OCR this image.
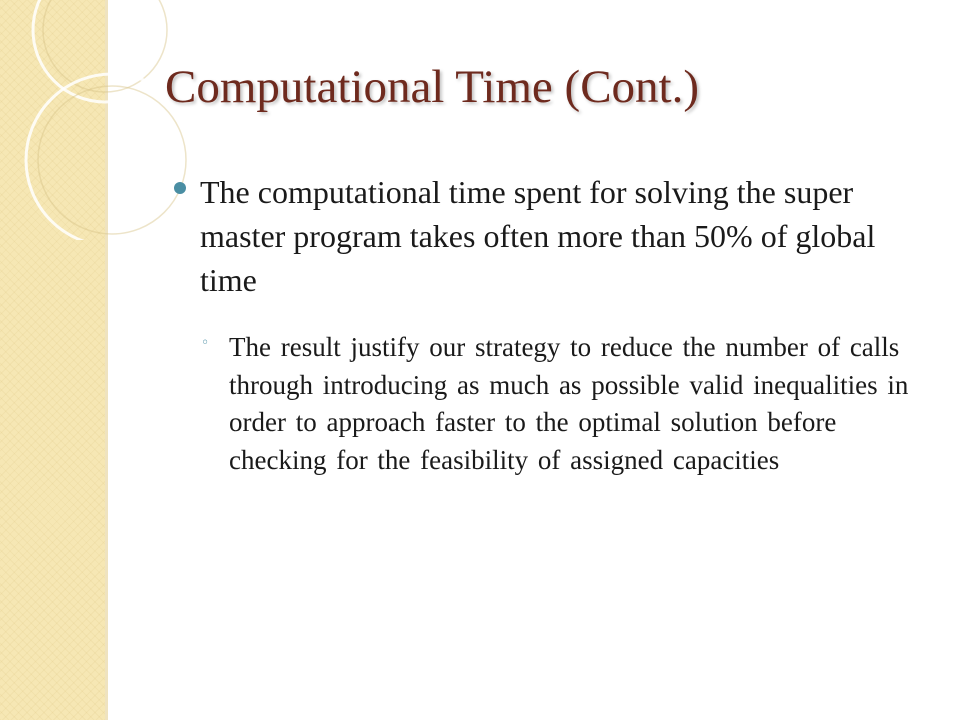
Computational Time (Cont.)
The computational time spent for solving the super master program takes often more than 50% of global time
◦ The result justify our strategy to reduce the number of calls through introducing as much as possible valid inequalities in order to approach faster to the optimal solution before checking for the feasibility of assigned capacities
